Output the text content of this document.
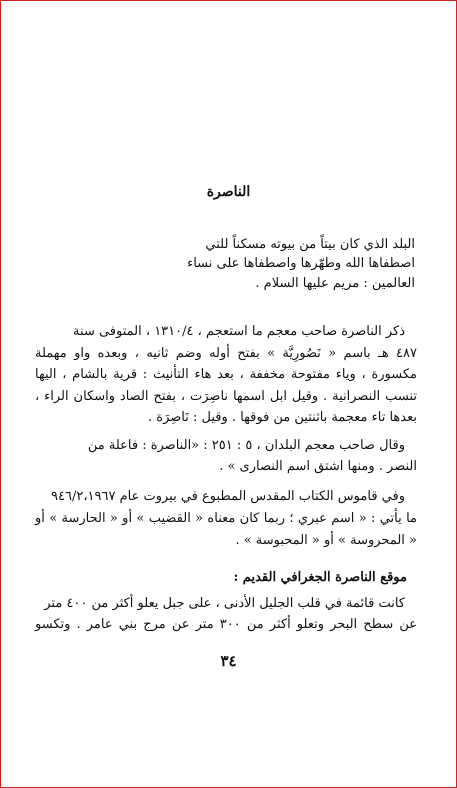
الناصرة
البلد الذي كان بيتاً من بيوته مسكناً للتي
اصطفاها الله وطهّرها واصطفاها على نساء
العالمين : مريم عليها السلام .
ذكر الناصرة صاحب معجم ما استعجم ، ١٣١٠/٤ ، المتوفى سنة
٤٨٧ هـ باسم « نَصُورِيَّة » بفتح أوله وضم ثانيه ، وبعده واو مهملة
مكسورة ، وياء مفتوحة مخففة ، بعد هاء التأنيث : قرية بالشام ، اليها
تنسب النصرانية . وقيل ابل اسمها ناصِرَت ، بفتح الصاد واسكان الراء ،
بعدها تاء معجمة باثنتين من فوقها . وقيل : نَاصِرَة .
وقال صاحب معجم البلدان ، ٥ : ٢٥١ : «الناصرة : فاعلة من
النصر . ومنها اشتق اسم النصارى » .
وفي قاموس الكتاب المقدس المطبوع في بيروت عام ٩٤٦/٢،١٩٦٧
ما يأتي : « اسم عبري ؛ ربما كان معناه « القضيب » أو « الحارسة » أو
« المحروسة » أو « المحبوسة » .
موقع الناصرة الجغرافي القديم :
كانت قائمة في قلب الجليل الأدنى ، على جبل يعلو أكثر من ٤٠٠ متر
عن سطح البحر وتعلو أكثر من ٣٠٠ متر عن مرج بني عامر . وتكسو
٣٤
